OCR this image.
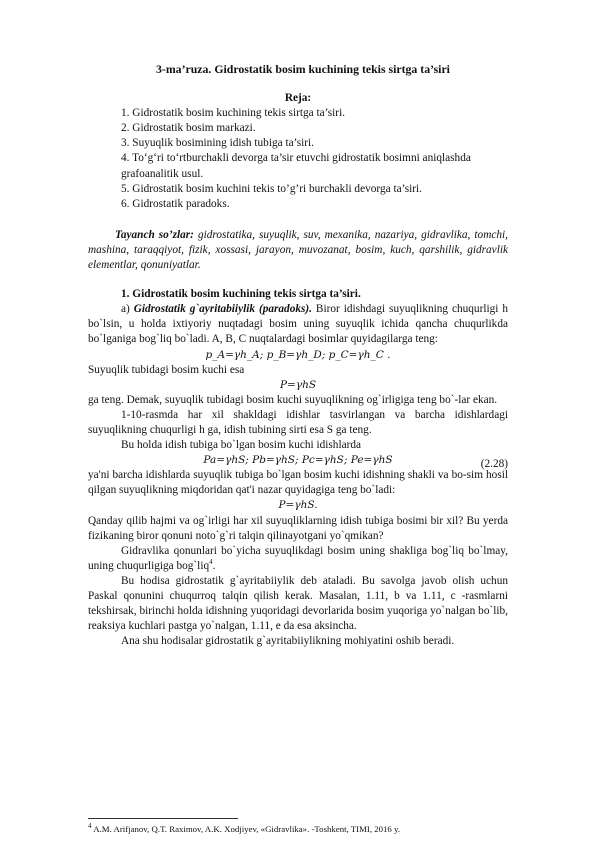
3-ma’ruza. Gidrostatik bosim kuchining tekis sirtga ta’siri
Reja:
1. Gidrostatik bosim kuchining tekis sirtga ta’siri.
2. Gidrostatik bosim markazi.
3. Suyuqlik bosimining idish tubiga ta’siri.
4. To‘g‘ri to‘rtburchakli devorga ta’sir etuvchi gidrostatik bosimni aniqlashda grafoanalitik usul.
5. Gidrostatik bosim kuchini tekis to’g’ri burchakli devorga ta’siri.
6. Gidrostatik paradoks.

Tayanch so’zlar: gidrostatika, suyuqlik, suv, mexanika, nazariya, gidravlika, tomchi, mashina, taraqqiyot, fizik, xossasi, jarayon, muvozanat, bosim, kuch, qarshilik, gidravlik elementlar, qonuniyatlar.

1. Gidrostatik bosim kuchining tekis sirtga ta’siri.

a) Gidrostatik g`ayritabiiylik (paradoks). Biror idishdagi suyuqlikning chuqurligi h bo`lsin, u holda ixtiyoriy nuqtadagi bosim uning suyuqlik ichida qancha chuqurlikda bo`lganiga bog`liq bo`ladi. A, B, C nuqtalardagi bosimlar quyidagilarga teng:

p_A=γh_A; p_B=γh_D; p_C=γh_C .

Suyuqlik tubidagi bosim kuchi esa

P=γhS

ga teng. Demak, suyuqlik tubidagi bosim kuchi suyuqlikning og`irligiga teng bo`-lar ekan.

1-10-rasmda har xil shakldagi idishlar tasvirlangan va barcha idishlardagi suyuqlikning chuqurligi h ga, idish tubining sirti esa S ga teng.

Bu holda idish tubiga bo`lgan bosim kuchi idishlarda

Pa=γhS; Pb=γhS; Pc=γhS; Pe=γhS	(2.28)

ya'ni barcha idishlarda suyuqlik tubiga bo`lgan bosim kuchi idishning shakli va bo-sim hosil qilgan suyuqlikning miqdoridan qat'i nazar quyidagiga teng bo`ladi:

P=γhS.

Qanday qilib hajmi va og`irligi har xil suyuqliklarning idish tubiga bosimi bir xil? Bu yerda fizikaning biror qonuni noto`g`ri talqin qilinayotgani yo`qmikan?

Gidravlika qonunlari bo`yicha suyuqlikdagi bosim uning shakliga bog`liq bo`lmay, uning chuqurligiga bog`liq$^4$.

Bu hodisa gidrostatik g`ayritabiiylik deb ataladi. Bu savolga javob olish uchun Paskal qonunini chuqurroq talqin qilish kerak. Masalan, 1.11, b va 1.11, c -rasmlarni tekshirsak, birinchi holda idishning yuqoridagi devorlarida bosim yuqoriga yo`nalgan bo`lib, reaksiya kuchlari pastga yo`nalgan, 1.11, e da esa aksincha.

Ana shu hodisalar gidrostatik g`ayritabiiylikning mohiyatini oshib beradi.

$^4$ A.M. Arifjanov, Q.T. Raximov, A.K. Xodjiyev, «Gidravlika». -Toshkent, TIMI, 2016 y.
